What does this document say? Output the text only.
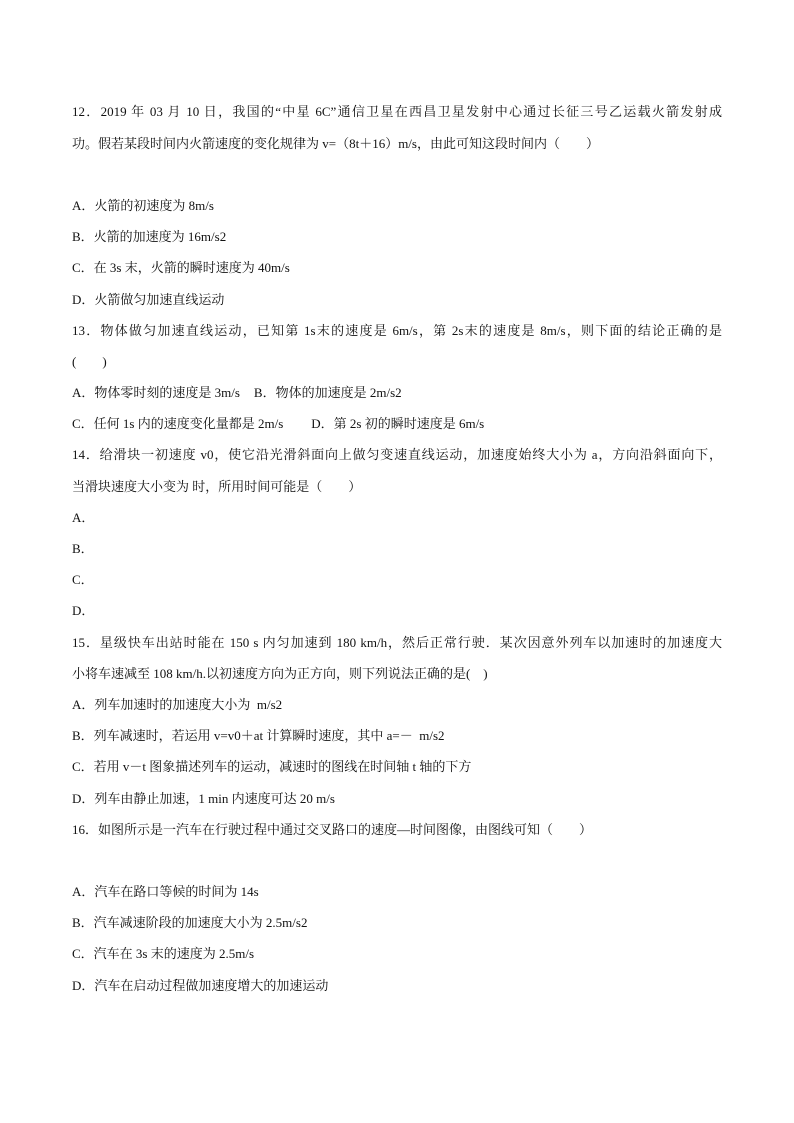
12．2019 年 03 月 10 日，我国的“中星 6C”通信卫星在西昌卫星发射中心通过长征三号乙运载火箭发射成
功。假若某段时间内火箭速度的变化规律为 v=（8t＋16）m/s，由此可知这段时间内（　　）
A．火箭的初速度为 8m/s
B．火箭的加速度为 16m/s2
C．在 3s 末，火箭的瞬时速度为 40m/s
D．火箭做匀加速直线运动
13．物体做匀加速直线运动，已知第 1s末的速度是 6m/s，第 2s末的速度是 8m/s，则下面的结论正确的是
(　　)
A．物体零时刻的速度是 3m/s B．物体的加速度是 2m/s2
C．任何 1s 内的速度变化量都是 2m/s D．第 2s 初的瞬时速度是 6m/s
14．给滑块一初速度 v0，使它沿光滑斜面向上做匀变速直线运动，加速度始终大小为 a，方向沿斜面向下，
当滑块速度大小变为 时，所用时间可能是（　　）
A．
B．
C．
D．
15．星级快车出站时能在 150 s 内匀加速到 180 km/h，然后正常行驶．某次因意外列车以加速时的加速度大
小将车速减至 108 km/h.以初速度方向为正方向，则下列说法正确的是(　)
A．列车加速时的加速度大小为  m/s2
B．列车减速时，若运用 v=v0＋at 计算瞬时速度，其中 a=－  m/s2
C．若用 v－t 图象描述列车的运动，减速时的图线在时间轴 t 轴的下方
D．列车由静止加速，1 min 内速度可达 20 m/s
16．如图所示是一汽车在行驶过程中通过交叉路口的速度—时间图像，由图线可知（　　）
A．汽车在路口等候的时间为 14s
B．汽车减速阶段的加速度大小为 2.5m/s2
C．汽车在 3s 末的速度为 2.5m/s
D．汽车在启动过程做加速度增大的加速运动
